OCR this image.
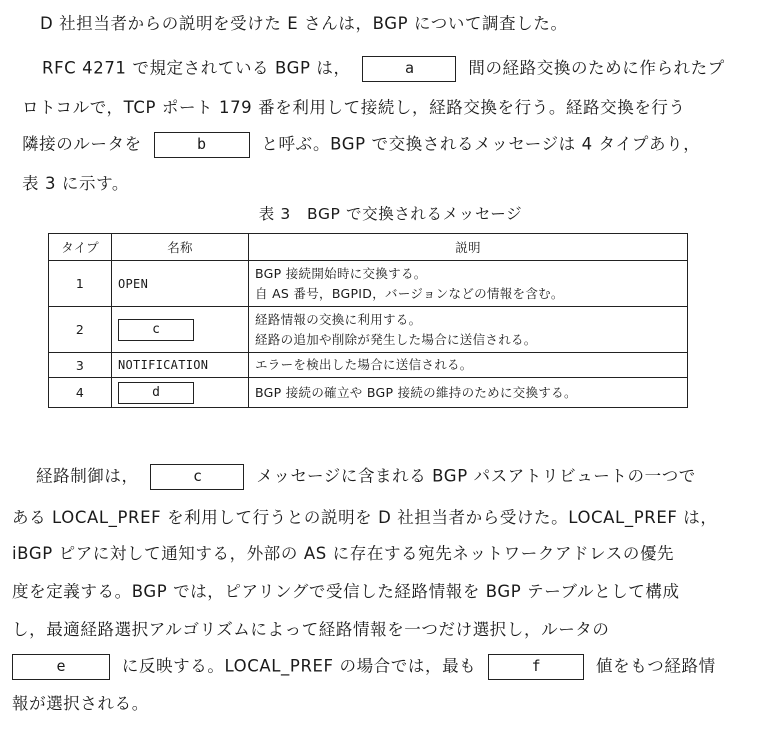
D 社担当者からの説明を受けた E さんは，BGP について調査した。
RFC 4271 で規定されている BGP は，	a	間の経路交換のために作られたプ
ロトコルで，TCP ポート 179 番を利用して接続し，経路交換を行う。経路交換を行う
隣接のルータを	b	と呼ぶ。BGP で交換されるメッセージは 4 タイプあり，
表 3 に示す。
表 3　BGP で交換されるメッセージ
タイプ	名称	説明
1	OPEN	BGP 接続開始時に交換する。
自 AS 番号，BGPID，バージョンなどの情報を含む。

2	c	経路情報の交換に利用する。
経路の追加や削除が発生した場合に送信される。

3	NOTIFICATION	エラーを検出した場合に送信される。
4	d	BGP 接続の確立や BGP 接続の維持のために交換する。
経路制御は，	c	メッセージに含まれる BGP パスアトリビュートの一つで
ある LOCAL_PREF を利用して行うとの説明を D 社担当者から受けた。LOCAL_PREF は，
iBGP ピアに対して通知する，外部の AS に存在する宛先ネットワークアドレスの優先
度を定義する。BGP では，ピアリングで受信した経路情報を BGP テーブルとして構成
し，最適経路選択アルゴリズムによって経路情報を一つだけ選択し，ルータの
e	に反映する。LOCAL_PREF の場合では，最も	f	値をもつ経路情
報が選択される。
